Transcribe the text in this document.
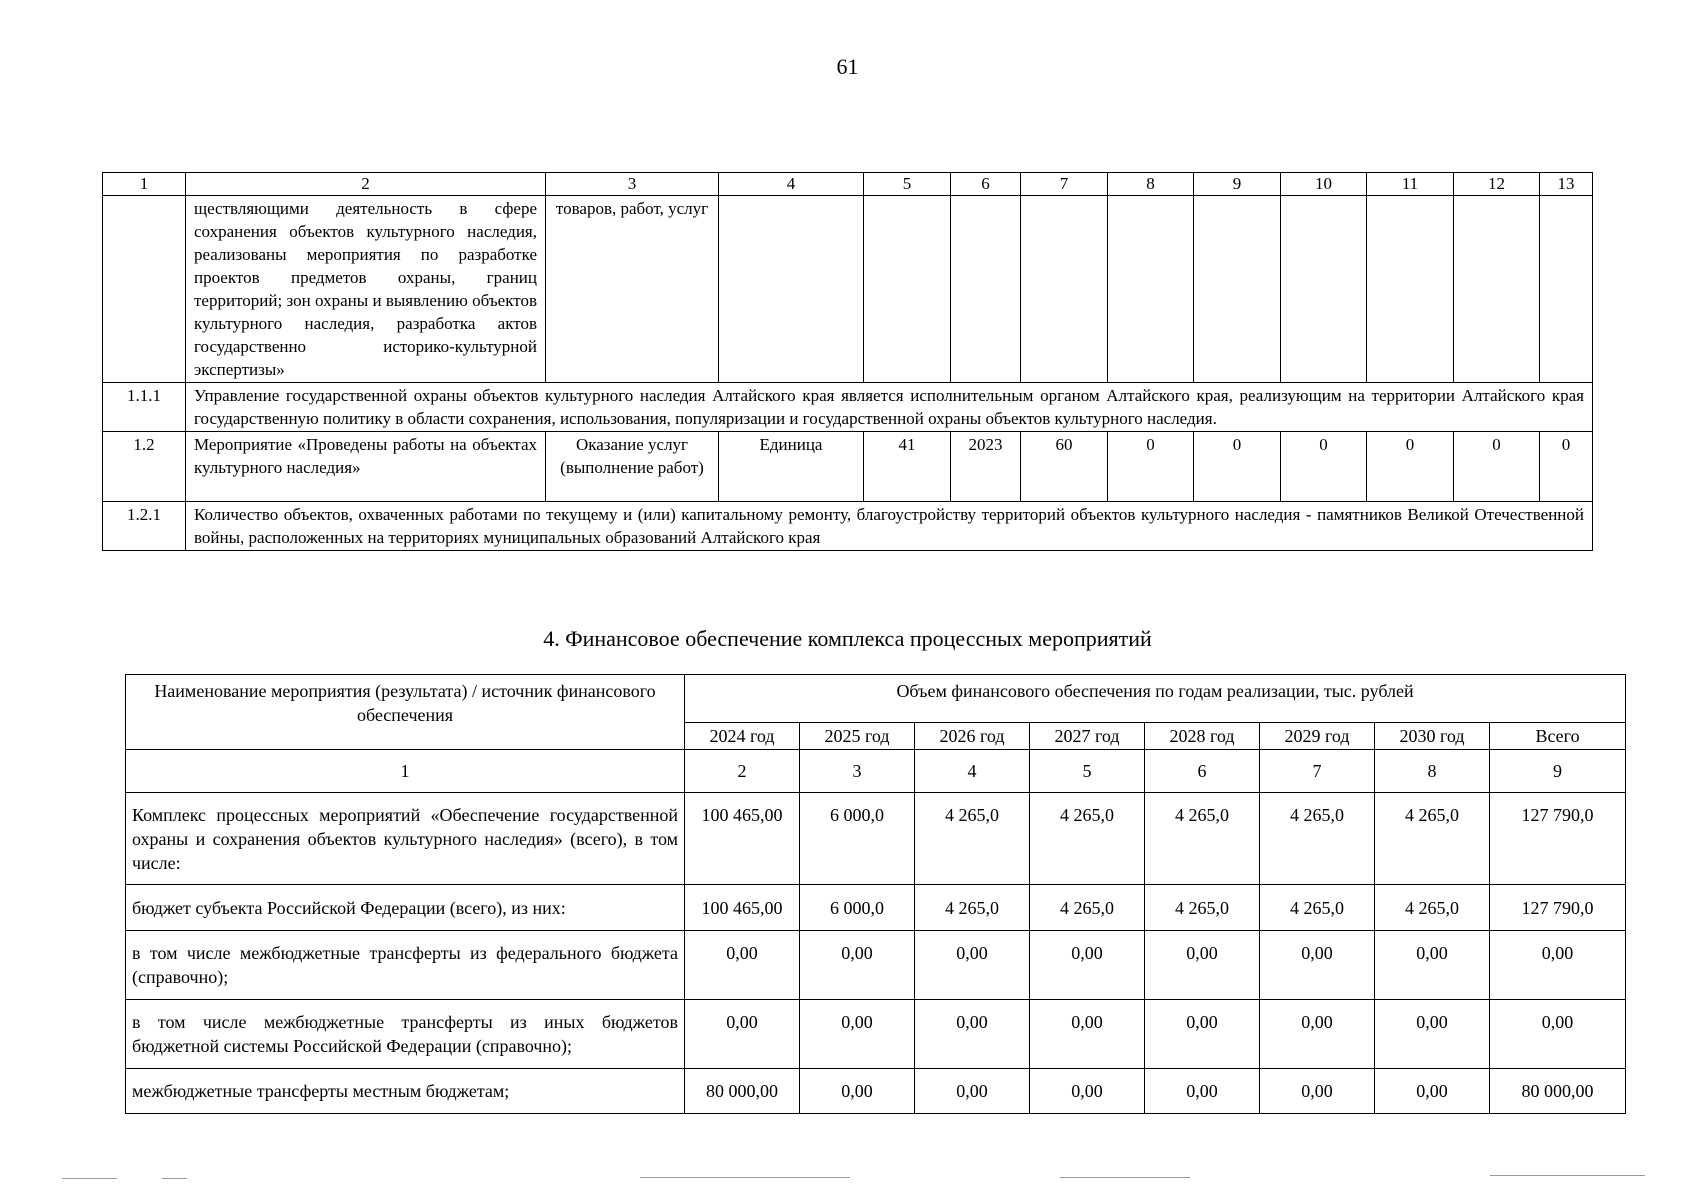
61
1	2	3	4	5	6	7	8	9	10	11	12	13
	ществляющими деятельность в сфере сохранения объектов культурного наследия, реализованы мероприятия по разработке проектов предметов охраны, границ территорий; зон охраны и выявлению объектов культурного наследия, разработка актов государственно историко-культурной экспертизы»	товаров, работ, услуг										
1.1.1	Управление государственной охраны объектов культурного наследия Алтайского края является исполнительным органом Алтайского края, реализующим на территории Алтайского края государственную политику в области сохранения, использования, популяризации и государственной охраны объектов культурного наследия.											
1.2	Мероприятие «Проведены работы на объектах культурного наследия»	Оказание услуг (выполнение работ)	Единица	41	2023	60	0	0	0	0	0	0
1.2.1	Количество объектов, охваченных работами по текущему и (или) капитальному ремонту, благоустройству территорий объектов культурного наследия - памятников Великой Отечественной войны, расположенных на территориях муниципальных образований Алтайского края											
4. Финансовое обеспечение комплекса процессных мероприятий
Наименование мероприятия (результата) / источник финансового обеспечения	Объем финансового обеспечения по годам реализации, тыс. рублей							
	2024 год	2025 год	2026 год	2027 год	2028 год	2029 год	2030 год	Всего
1	2	3	4	5	6	7	8	9
Комплекс процессных мероприятий «Обеспечение государственной охраны и сохранения объектов культурного наследия» (всего), в том числе:	100 465,00	6 000,0	4 265,0	4 265,0	4 265,0	4 265,0	4 265,0	127 790,0
бюджет субъекта Российской Федерации (всего), из них:	100 465,00	6 000,0	4 265,0	4 265,0	4 265,0	4 265,0	4 265,0	127 790,0
в том числе межбюджетные трансферты из федерального бюджета (справочно);	0,00	0,00	0,00	0,00	0,00	0,00	0,00	0,00
в том числе межбюджетные трансферты из иных бюджетов бюджетной системы Российской Федерации (справочно);	0,00	0,00	0,00	0,00	0,00	0,00	0,00	0,00
межбюджетные трансферты местным бюджетам;	80 000,00	0,00	0,00	0,00	0,00	0,00	0,00	80 000,00
